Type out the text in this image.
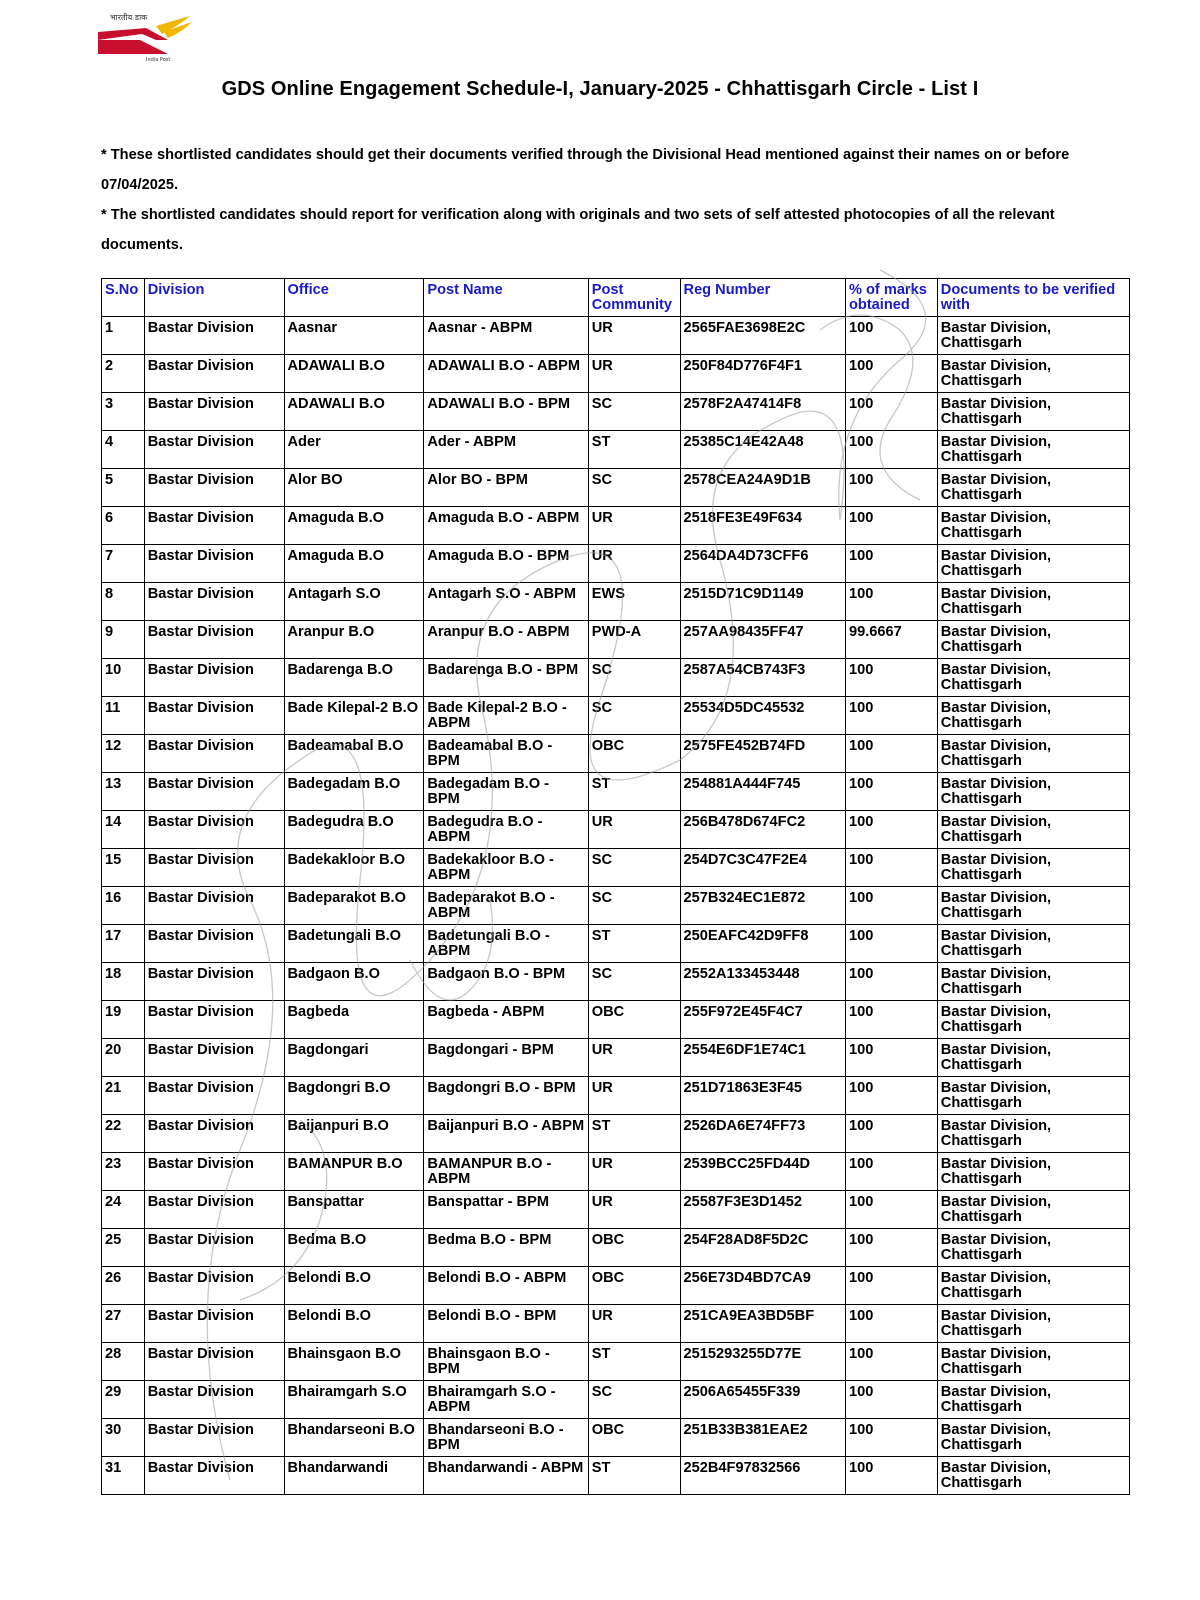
भारतीय डाक
India Post
GDS Online Engagement Schedule-I, January-2025 - Chhattisgarh Circle - List I

* These shortlisted candidates should get their documents verified through the Divisional Head mentioned against their names on or before 07/04/2025.

* The shortlisted candidates should report for verification along with originals and two sets of self attested photocopies of all the relevant documents.

S.No	Division	Office	Post Name	Post Community	Reg Number	% of marks obtained	Documents to be verified with
1	Bastar Division	Aasnar	Aasnar - ABPM	UR	2565FAE3698E2C	100	Bastar Division, Chattisgarh
2	Bastar Division	ADAWALI B.O	ADAWALI B.O - ABPM	UR	250F84D776F4F1	100	Bastar Division, Chattisgarh
3	Bastar Division	ADAWALI B.O	ADAWALI B.O - BPM	SC	2578F2A47414F8	100	Bastar Division, Chattisgarh
4	Bastar Division	Ader	Ader - ABPM	ST	25385C14E42A48	100	Bastar Division, Chattisgarh
5	Bastar Division	Alor BO	Alor BO - BPM	SC	2578CEA24A9D1B	100	Bastar Division, Chattisgarh
6	Bastar Division	Amaguda B.O	Amaguda B.O - ABPM	UR	2518FE3E49F634	100	Bastar Division, Chattisgarh
7	Bastar Division	Amaguda B.O	Amaguda B.O - BPM	UR	2564DA4D73CFF6	100	Bastar Division, Chattisgarh
8	Bastar Division	Antagarh S.O	Antagarh S.O - ABPM	EWS	2515D71C9D1149	100	Bastar Division, Chattisgarh
9	Bastar Division	Aranpur B.O	Aranpur B.O - ABPM	PWD-A	257AA98435FF47	99.6667	Bastar Division, Chattisgarh
10	Bastar Division	Badarenga B.O	Badarenga B.O - BPM	SC	2587A54CB743F3	100	Bastar Division, Chattisgarh
11	Bastar Division	Bade Kilepal-2 B.O	Bade Kilepal-2 B.O - ABPM	SC	25534D5DC45532	100	Bastar Division, Chattisgarh
12	Bastar Division	Badeamabal B.O	Badeamabal B.O - BPM	OBC	2575FE452B74FD	100	Bastar Division, Chattisgarh
13	Bastar Division	Badegadam B.O	Badegadam B.O - BPM	ST	254881A444F745	100	Bastar Division, Chattisgarh
14	Bastar Division	Badegudra B.O	Badegudra B.O - ABPM	UR	256B478D674FC2	100	Bastar Division, Chattisgarh
15	Bastar Division	Badekakloor B.O	Badekakloor B.O - ABPM	SC	254D7C3C47F2E4	100	Bastar Division, Chattisgarh
16	Bastar Division	Badeparakot B.O	Badeparakot B.O - ABPM	SC	257B324EC1E872	100	Bastar Division, Chattisgarh
17	Bastar Division	Badetungali B.O	Badetungali B.O - ABPM	ST	250EAFC42D9FF8	100	Bastar Division, Chattisgarh
18	Bastar Division	Badgaon B.O	Badgaon B.O - BPM	SC	2552A133453448	100	Bastar Division, Chattisgarh
19	Bastar Division	Bagbeda	Bagbeda - ABPM	OBC	255F972E45F4C7	100	Bastar Division, Chattisgarh
20	Bastar Division	Bagdongari	Bagdongari - BPM	UR	2554E6DF1E74C1	100	Bastar Division, Chattisgarh
21	Bastar Division	Bagdongri B.O	Bagdongri B.O - BPM	UR	251D71863E3F45	100	Bastar Division, Chattisgarh
22	Bastar Division	Baijanpuri B.O	Baijanpuri B.O - ABPM	ST	2526DA6E74FF73	100	Bastar Division, Chattisgarh
23	Bastar Division	BAMANPUR B.O	BAMANPUR B.O - ABPM	UR	2539BCC25FD44D	100	Bastar Division, Chattisgarh
24	Bastar Division	Banspattar	Banspattar - BPM	UR	25587F3E3D1452	100	Bastar Division, Chattisgarh
25	Bastar Division	Bedma B.O	Bedma B.O - BPM	OBC	254F28AD8F5D2C	100	Bastar Division, Chattisgarh
26	Bastar Division	Belondi B.O	Belondi B.O - ABPM	OBC	256E73D4BD7CA9	100	Bastar Division, Chattisgarh
27	Bastar Division	Belondi B.O	Belondi B.O - BPM	UR	251CA9EA3BD5BF	100	Bastar Division, Chattisgarh
28	Bastar Division	Bhainsgaon B.O	Bhainsgaon B.O - BPM	ST	2515293255D77E	100	Bastar Division, Chattisgarh
29	Bastar Division	Bhairamgarh S.O	Bhairamgarh S.O - ABPM	SC	2506A65455F339	100	Bastar Division, Chattisgarh
30	Bastar Division	Bhandarseoni B.O	Bhandarseoni B.O - BPM	OBC	251B33B381EAE2	100	Bastar Division, Chattisgarh
31	Bastar Division	Bhandarwandi	Bhandarwandi - ABPM	ST	252B4F97832566	100	Bastar Division, Chattisgarh
